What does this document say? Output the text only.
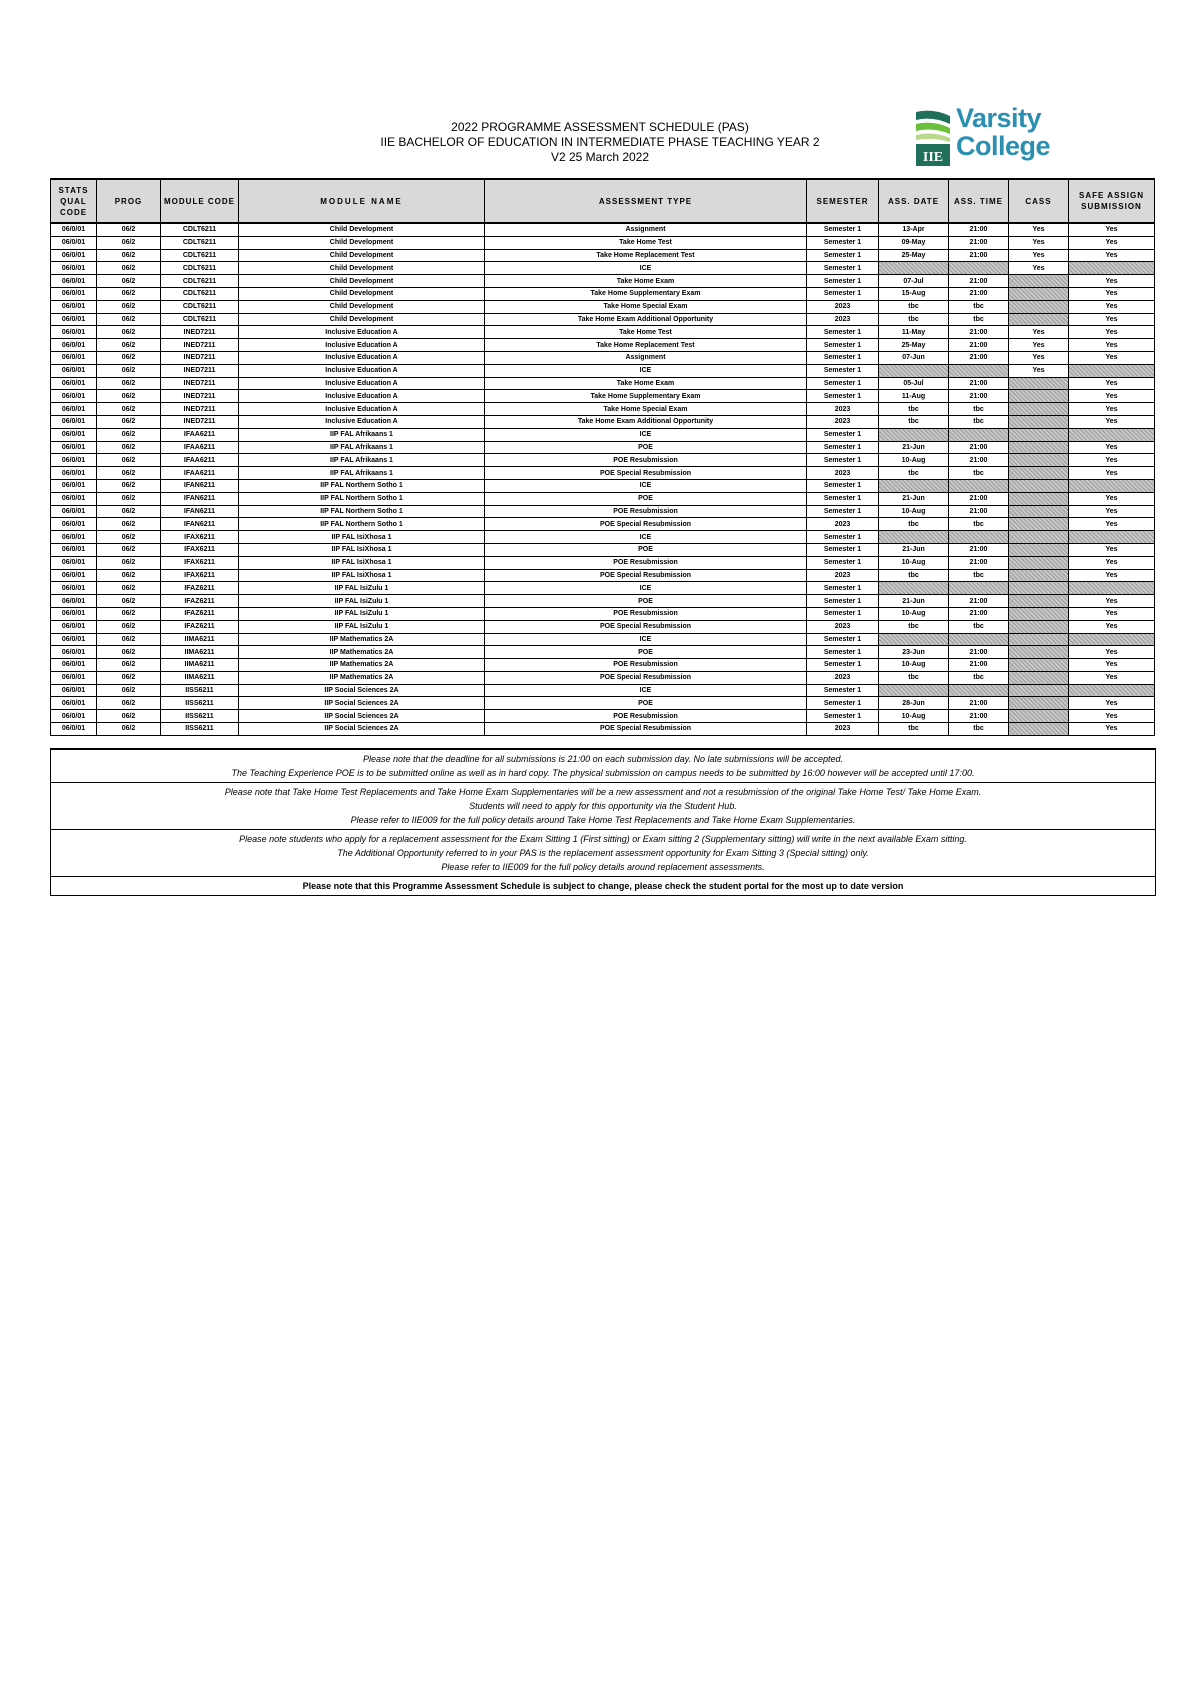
2022 PROGRAMME ASSESSMENT SCHEDULE (PAS)
IIE BACHELOR OF EDUCATION IN INTERMEDIATE PHASE TEACHING YEAR 2
V2 25 March 2022	IIE
Varsity
College
STATS QUAL CODE	PROG	MODULE CODE	MODULE NAME	ASSESSMENT TYPE	SEMESTER	ASS. DATE	ASS. TIME	CASS	SAFE ASSIGN SUBMISSION
06/0/01	06/2	CDLT6211	Child Development	Assignment	Semester 1	13-Apr	21:00	Yes	Yes
06/0/01	06/2	CDLT6211	Child Development	Take Home Test	Semester 1	09-May	21:00	Yes	Yes
06/0/01	06/2	CDLT6211	Child Development	Take Home Replacement Test	Semester 1	25-May	21:00	Yes	Yes
06/0/01	06/2	CDLT6211	Child Development	ICE	Semester 1			Yes	
06/0/01	06/2	CDLT6211	Child Development	Take Home Exam	Semester 1	07-Jul	21:00		Yes
06/0/01	06/2	CDLT6211	Child Development	Take Home Supplementary Exam	Semester 1	15-Aug	21:00		Yes
06/0/01	06/2	CDLT6211	Child Development	Take Home Special Exam	2023	tbc	tbc		Yes
06/0/01	06/2	CDLT6211	Child Development	Take Home Exam Additional Opportunity	2023	tbc	tbc		Yes
06/0/01	06/2	INED7211	Inclusive Education A	Take Home Test	Semester 1	11-May	21:00	Yes	Yes
06/0/01	06/2	INED7211	Inclusive Education A	Take Home Replacement Test	Semester 1	25-May	21:00	Yes	Yes
06/0/01	06/2	INED7211	Inclusive Education A	Assignment	Semester 1	07-Jun	21:00	Yes	Yes
06/0/01	06/2	INED7211	Inclusive Education A	ICE	Semester 1			Yes	
06/0/01	06/2	INED7211	Inclusive Education A	Take Home Exam	Semester 1	05-Jul	21:00		Yes
06/0/01	06/2	INED7211	Inclusive Education A	Take Home Supplementary Exam	Semester 1	11-Aug	21:00		Yes
06/0/01	06/2	INED7211	Inclusive Education A	Take Home Special Exam	2023	tbc	tbc		Yes
06/0/01	06/2	INED7211	Inclusive Education A	Take Home Exam Additional Opportunity	2023	tbc	tbc		Yes
06/0/01	06/2	IFAA6211	IIP FAL Afrikaans 1	ICE	Semester 1				
06/0/01	06/2	IFAA6211	IIP FAL Afrikaans 1	POE	Semester 1	21-Jun	21:00		Yes
06/0/01	06/2	IFAA6211	IIP FAL Afrikaans 1	POE Resubmission	Semester 1	10-Aug	21:00		Yes
06/0/01	06/2	IFAA6211	IIP FAL Afrikaans 1	POE Special Resubmission	2023	tbc	tbc		Yes
06/0/01	06/2	IFAN6211	IIP FAL Northern Sotho 1	ICE	Semester 1				
06/0/01	06/2	IFAN6211	IIP FAL Northern Sotho 1	POE	Semester 1	21-Jun	21:00		Yes
06/0/01	06/2	IFAN6211	IIP FAL Northern Sotho 1	POE Resubmission	Semester 1	10-Aug	21:00		Yes
06/0/01	06/2	IFAN6211	IIP FAL Northern Sotho 1	POE Special Resubmission	2023	tbc	tbc		Yes
06/0/01	06/2	IFAX6211	IIP FAL IsiXhosa 1	ICE	Semester 1				
06/0/01	06/2	IFAX6211	IIP FAL IsiXhosa 1	POE	Semester 1	21-Jun	21:00		Yes
06/0/01	06/2	IFAX6211	IIP FAL IsiXhosa 1	POE Resubmission	Semester 1	10-Aug	21:00		Yes
06/0/01	06/2	IFAX6211	IIP FAL IsiXhosa 1	POE Special Resubmission	2023	tbc	tbc		Yes
06/0/01	06/2	IFAZ6211	IIP FAL IsiZulu 1	ICE	Semester 1				
06/0/01	06/2	IFAZ6211	IIP FAL IsiZulu 1	POE	Semester 1	21-Jun	21:00		Yes
06/0/01	06/2	IFAZ6211	IIP FAL IsiZulu 1	POE Resubmission	Semester 1	10-Aug	21:00		Yes
06/0/01	06/2	IFAZ6211	IIP FAL IsiZulu 1	POE Special Resubmission	2023	tbc	tbc		Yes
06/0/01	06/2	IIMA6211	IIP Mathematics 2A	ICE	Semester 1				
06/0/01	06/2	IIMA6211	IIP Mathematics 2A	POE	Semester 1	23-Jun	21:00		Yes
06/0/01	06/2	IIMA6211	IIP Mathematics 2A	POE Resubmission	Semester 1	10-Aug	21:00		Yes
06/0/01	06/2	IIMA6211	IIP Mathematics 2A	POE Special Resubmission	2023	tbc	tbc		Yes
06/0/01	06/2	IISS6211	IIP Social Sciences 2A	ICE	Semester 1				
06/0/01	06/2	IISS6211	IIP Social Sciences 2A	POE	Semester 1	28-Jun	21:00		Yes
06/0/01	06/2	IISS6211	IIP Social Sciences 2A	POE Resubmission	Semester 1	10-Aug	21:00		Yes
06/0/01	06/2	IISS6211	IIP Social Sciences 2A	POE Special Resubmission	2023	tbc	tbc		Yes
Please note that the deadline for all submissions is 21:00 on each submission day. No late submissions will be accepted.
The Teaching Experience POE is to be submitted online as well as in hard copy. The physical submission on campus needs to be submitted by 16:00 however will be accepted until 17:00.
Please note that Take Home Test Replacements and Take Home Exam Supplementaries will be a new assessment and not a resubmission of the original Take Home Test/ Take Home Exam.
Students will need to apply for this opportunity via the Student Hub.
Please refer to IIE009 for the full policy details around Take Home Test Replacements and Take Home Exam Supplementaries.
Please note students who apply for a replacement assessment for the Exam Sitting 1 (First sitting) or Exam sitting 2 (Supplementary sitting) will write in the next available Exam sitting.
The Additional Opportunity referred to in your PAS is the replacement assessment opportunity for Exam Sitting 3 (Special sitting) only.
Please refer to IIE009 for the full policy details around replacement assessments.
Please note that this Programme Assessment Schedule is subject to change, please check the student portal for the most up to date version
